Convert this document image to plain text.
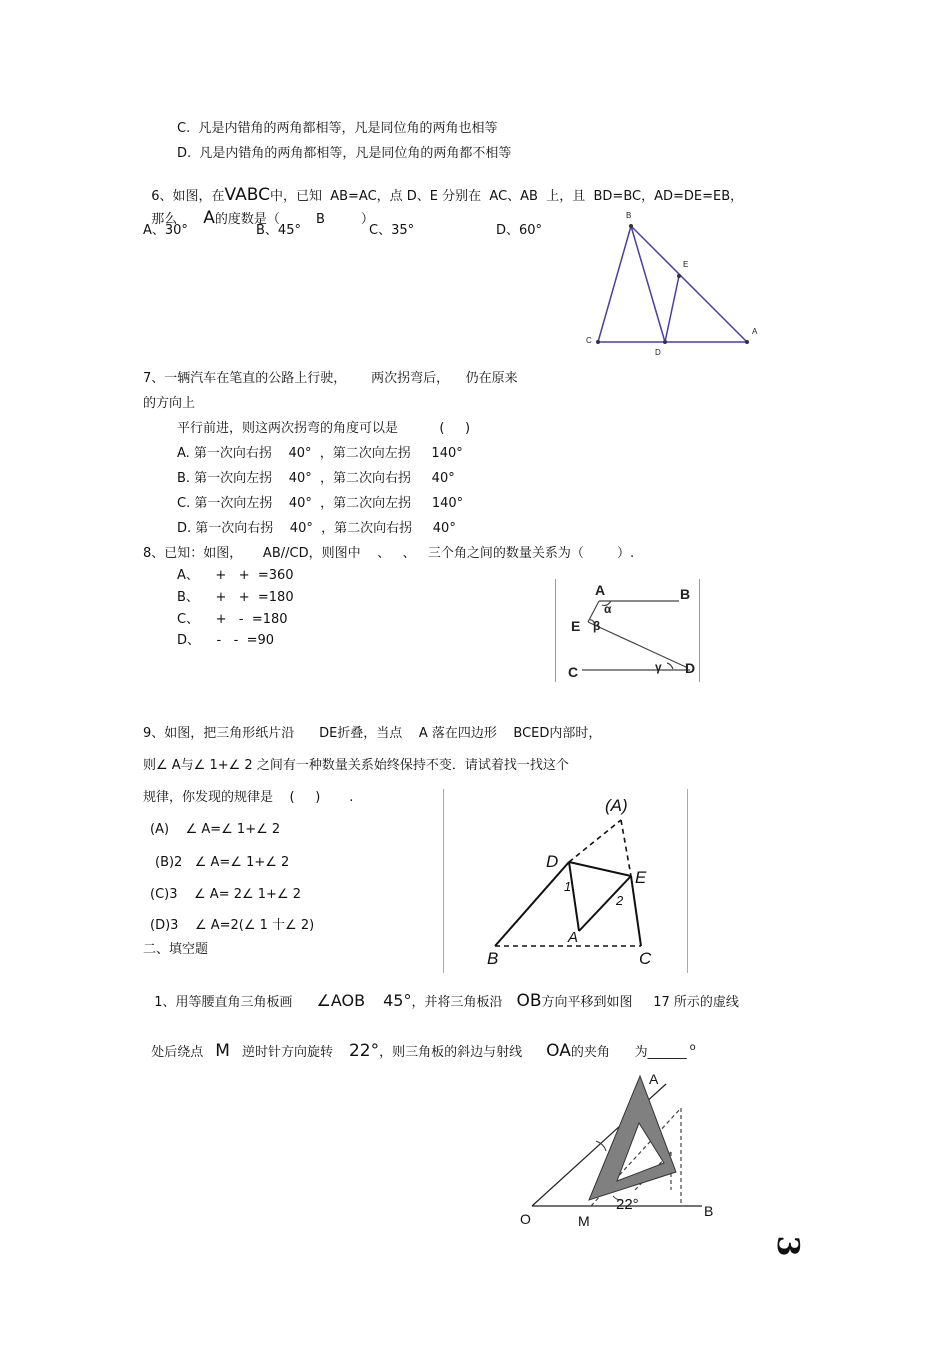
C.  凡是内错角的两角都相等，凡是同位角的两角也相等
D.  凡是内错角的两角都相等，凡是同位角的两角都不相等

6、如图，在VABC中，已知  AB=AC，点 D、E 分别在  AC、AB  上，且  BD=BC，AD=DE=EB，

那么 A的度数是（	B	）

A、30°	B、45°	C、35°	D、60°
B
E
C
D
A
7、一辆汽车在笔直的公路上行驶，      两次拐弯后，    仍在原来
的方向上
平行前进，则这两次拐弯的角度可以是          (     )
A. 第一次向右拐    40°  ，第二次向左拐     140°
B. 第一次向左拐    40°  ，第二次向右拐     40°
C. 第一次向左拐    40°  ，第二次向左拐     140°
D. 第一次向右拐    40°  ，第二次向右拐     40°
8、已知：如图，     AB//CD，则图中    、   、   三个角之间的数量关系为（        ）.
A、    +   +  =360
B、    +   +  =180
C、    +   -  =180
D、    -   -  =90
A	B
α
E β
γ
C	D
9、如图，把三角形纸片沿      DE折叠，当点    A 落在四边形    BCED内部时，
则∠ A与∠ 1+∠ 2 之间有一种数量关系始终保持不变．请试着找一找这个
规律，你发现的规律是    (     )       .
(A)    ∠ A=∠ 1+∠ 2
(B)2   ∠ A=∠ 1+∠ 2
(C)3    ∠ A= 2∠ 1+∠ 2
(D)3    ∠ A=2(∠ 1 十∠ 2)
(A)
D
E
1
2
A
B	C
二、填空题

1、用等腰直角三角板画 ∠AOB 45°，并将三角板沿 OB方向平移到如图     17 所示的虚线

处后绕点 M 逆时针方向旋转 22°，则三角板的斜边与射线 OA的夹角      为______ $^o$

A
O	M
B
22°
3
